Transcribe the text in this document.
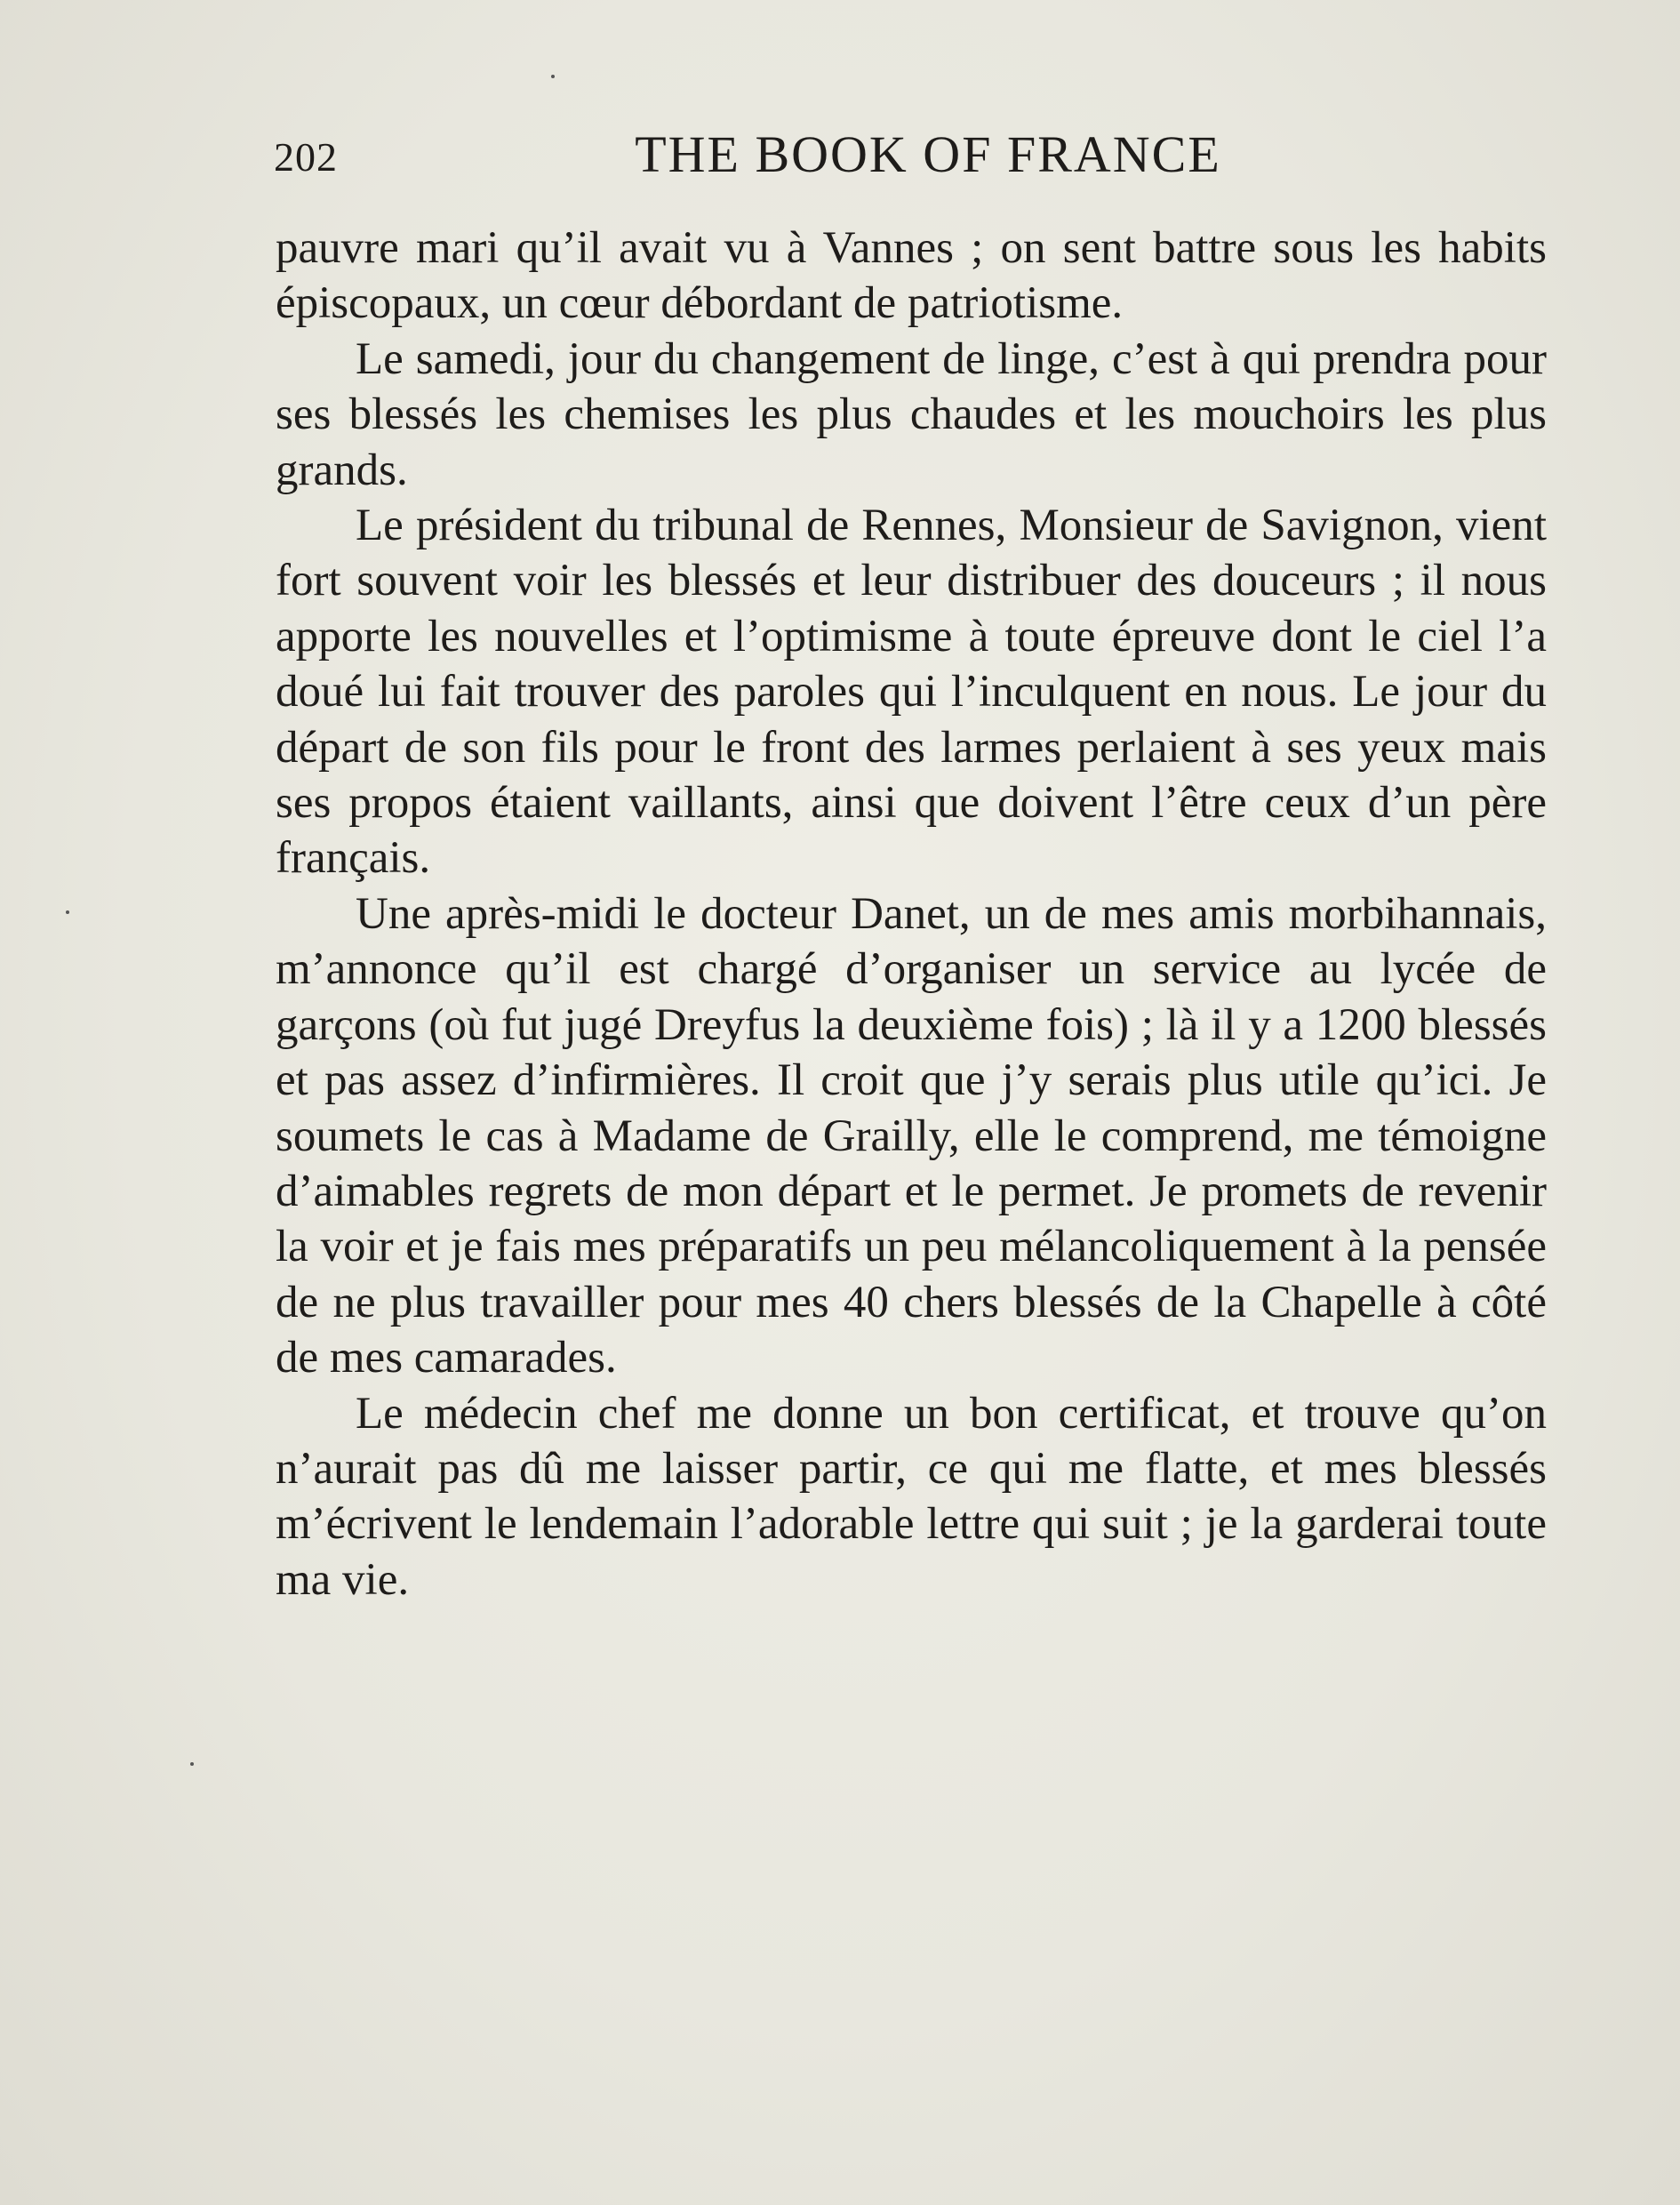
202	THE BOOK OF FRANCE

pauvre mari qu’il avait vu à Vannes ; on sent battre sous les habits épiscopaux, un cœur débordant de patriotisme.

Le samedi, jour du changement de linge, c’est à qui prendra pour ses blessés les chemises les plus chaudes et les mouchoirs les plus grands.

Le président du tribunal de Rennes, Monsieur de Savignon, vient fort souvent voir les blessés et leur distribuer des douceurs ; il nous apporte les nouvelles et l’optimisme à toute épreuve dont le ciel l’a doué lui fait trouver des paroles qui l’inculquent en nous. Le jour du départ de son fils pour le front des larmes perlaient à ses yeux mais ses propos étaient vaillants, ainsi que doivent l’être ceux d’un père français.

Une après-midi le docteur Danet, un de mes amis morbihannais, m’annonce qu’il est chargé d’organiser un service au lycée de garçons (où fut jugé Dreyfus la deuxième fois) ; là il y a 1200 blessés et pas assez d’infirmières. Il croit que j’y serais plus utile qu’ici. Je soumets le cas à Madame de Grailly, elle le comprend, me témoigne d’aimables regrets de mon départ et le permet. Je promets de revenir la voir et je fais mes préparatifs un peu mélancoliquement à la pensée de ne plus travailler pour mes 40 chers blessés de la Chapelle à côté de mes camarades.

Le médecin chef me donne un bon certificat, et trouve qu’on n’aurait pas dû me laisser partir, ce qui me flatte, et mes blessés m’écrivent le lendemain l’adorable lettre qui suit ; je la garderai toute ma vie.
